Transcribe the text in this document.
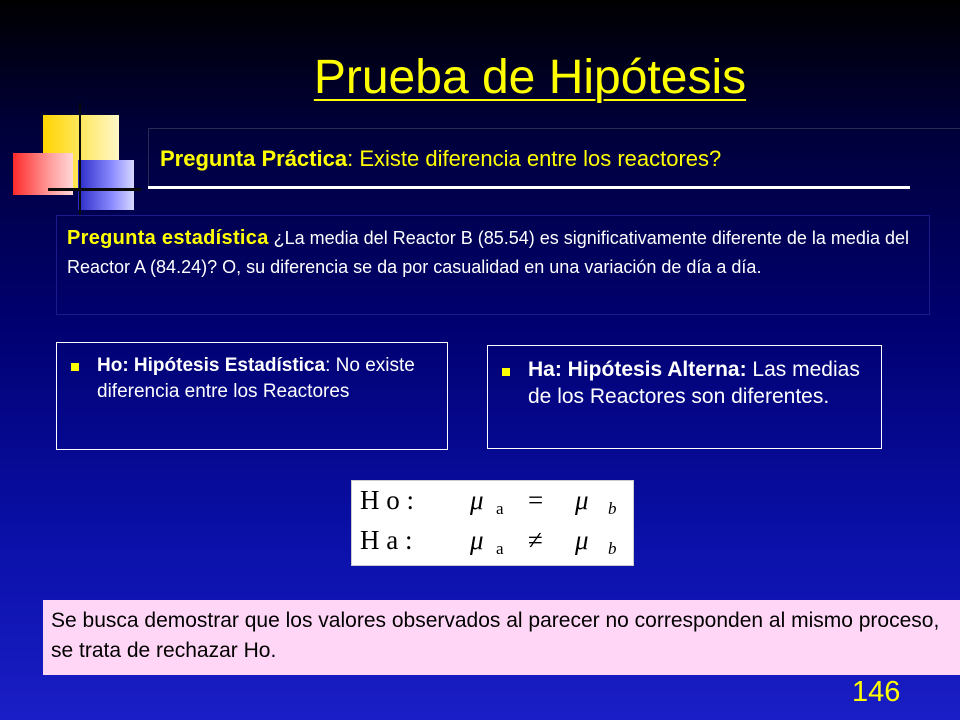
Prueba de Hipótesis
Pregunta Práctica: Existe diferencia entre los reactores?
Pregunta estadística ¿La media del Reactor B (85.54) es significativamente diferente de la media del Reactor A (84.24)? O, su diferencia se da por casualidad en una variación de día a día.
Ho: Hipótesis Estadística: No existe diferencia entre los Reactores
Ha: Hipótesis Alterna: Las medias de los Reactores son diferentes.
H o : μ a = μ b
H a : μ a ≠ μ b
Se busca demostrar que los valores observados al parecer no corresponden al mismo proceso, se trata de rechazar Ho.
146
